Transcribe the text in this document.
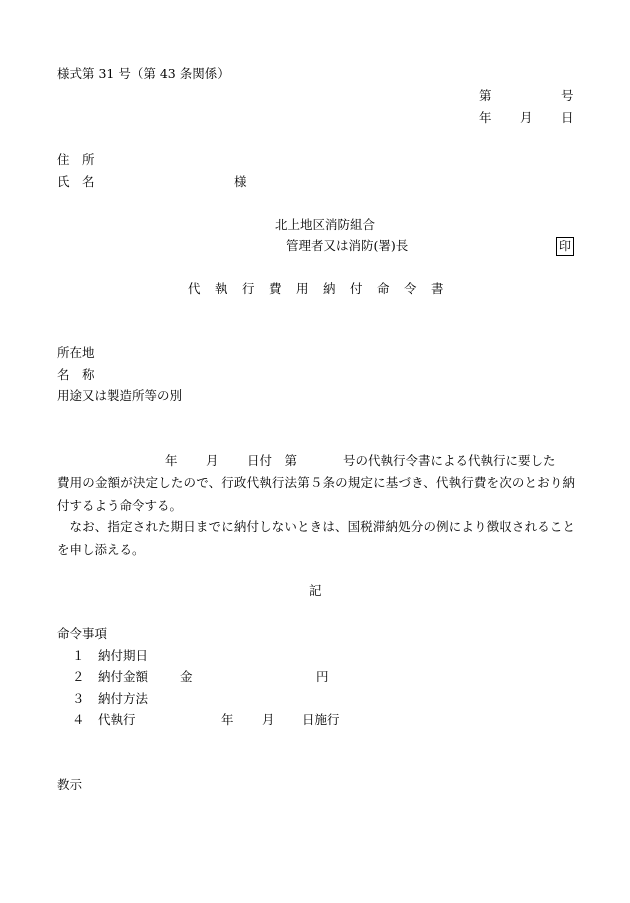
様式第 31 号（第 43 条関係）
第	号
年 月 日
住　所
氏　名	様
北上地区消防組合
管理者又は消防(署)長	印
代執行費用納付命令書
所在地
名　称
用途又は製造所等の別
年 月 日付　第	号の代執行令書による代執行に要した
費用の金額が決定したので、行政代執行法第５条の規定に基づき、代執行費を次のとおり納付するよう命令する。
なお、指定された期日までに納付しないときは、国税滞納処分の例により徴収されることを申し添える。
記
命令事項
１ 納付期日
２ 納付金額	金	円
３ 納付方法
４ 代執行	年 月 日施行
教示
